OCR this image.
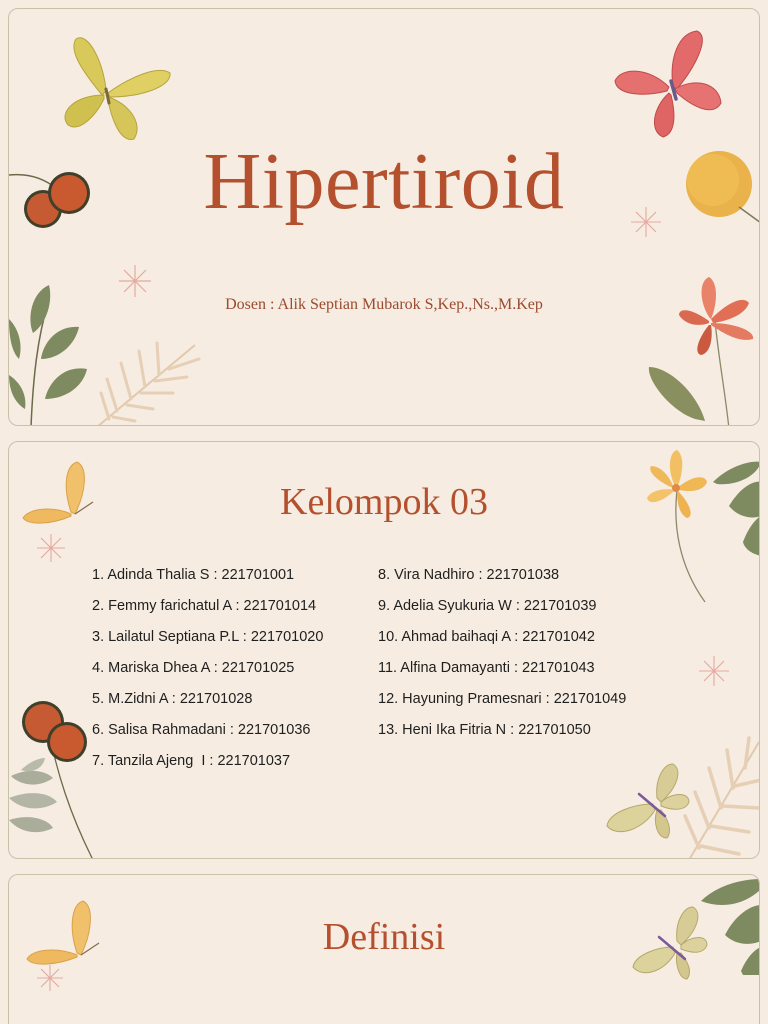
Hipertiroid

Dosen : Alik Septian Mubarok S,Kep.,Ns.,M.Kep

Kelompok 03
1. Adinda Thalia S : 221701001
2. Femmy farichatul A : 221701014
3. Lailatul Septiana P.L : 221701020
4. Mariska Dhea A : 221701025
5. M.Zidni A : 221701028
6. Salisa Rahmadani : 221701036
7. Tanzila Ajeng  I : 221701037
8. Vira Nadhiro : 221701038
9. Adelia Syukuria W : 221701039
10. Ahmad baihaqi A : 221701042
11. Alfina Damayanti : 221701043
12. Hayuning Pramesnari : 221701049
13. Heni Ika Fitria N : 221701050
Definisi
